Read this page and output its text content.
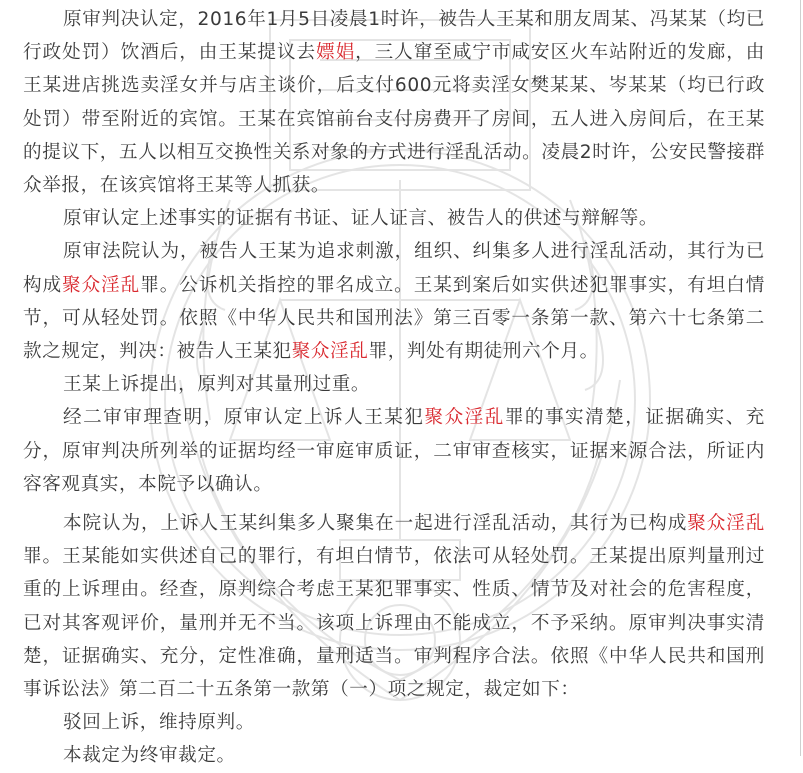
原审判决认定，2016年1月5日凌晨1时许，被告人王某和朋友周某、冯某某（均已行政处罚）饮酒后，由王某提议去嫖娼，三人窜至咸宁市咸安区火车站附近的发廊，由王某进店挑选卖淫女并与店主谈价，后支付600元将卖淫女樊某某、岑某某（均已行政处罚）带至附近的宾馆。王某在宾馆前台支付房费开了房间，五人进入房间后，在王某的提议下，五人以相互交换性关系对象的方式进行淫乱活动。凌晨2时许，公安民警接群众举报，在该宾馆将王某等人抓获。

原审认定上述事实的证据有书证、证人证言、被告人的供述与辩解等。

原审法院认为，被告人王某为追求刺激，组织、纠集多人进行淫乱活动，其行为已构成聚众淫乱罪。公诉机关指控的罪名成立。王某到案后如实供述犯罪事实，有坦白情节，可从轻处罚。依照《中华人民共和国刑法》第三百零一条第一款、第六十七条第二款之规定，判决：被告人王某犯聚众淫乱罪，判处有期徒刑六个月。

王某上诉提出，原判对其量刑过重。

经二审审理查明，原审认定上诉人王某犯聚众淫乱罪的事实清楚，证据确实、充分，原审判决所列举的证据均经一审庭审质证，二审审查核实，证据来源合法，所证内容客观真实，本院予以确认。

本院认为，上诉人王某纠集多人聚集在一起进行淫乱活动，其行为已构成聚众淫乱罪。王某能如实供述自己的罪行，有坦白情节，依法可从轻处罚。王某提出原判量刑过重的上诉理由。经查，原判综合考虑王某犯罪事实、性质、情节及对社会的危害程度，已对其客观评价，量刑并无不当。该项上诉理由不能成立，不予采纳。原审判决事实清楚，证据确实、充分，定性准确，量刑适当。审判程序合法。依照《中华人民共和国刑事诉讼法》第二百二十五条第一款第（一）项之规定，裁定如下：

驳回上诉，维持原判。

本裁定为终审裁定。
